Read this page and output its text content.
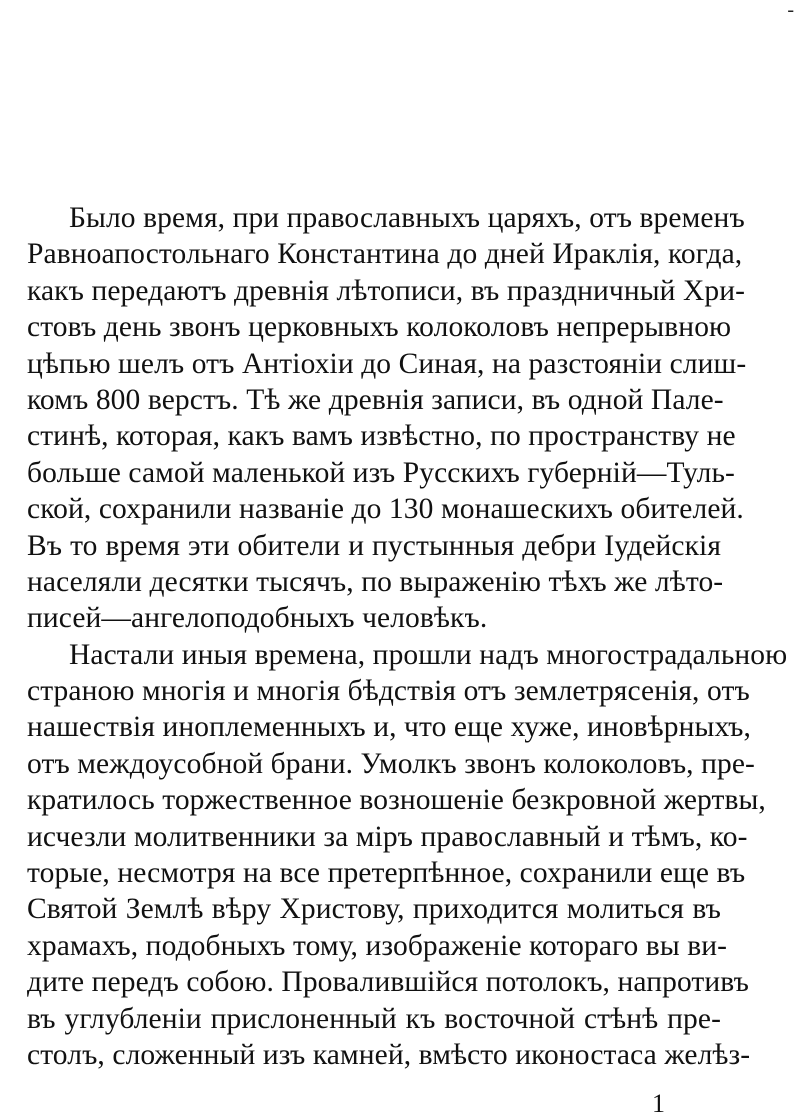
-
Было время, при православныхъ царяхъ, отъ временъ
Равноапостольнаго Константина до дней Ираклія, когда,
какъ передаютъ древнія лѣтописи, въ праздничный Хри-
стовъ день звонъ церковныхъ колоколовъ непрерывною
цѣпью шелъ отъ Антіохіи до Синая, на разстояніи слиш-
комъ 800 верстъ. Тѣ же древнія записи, въ одной Пале-
стинѣ, которая, какъ вамъ извѣстно, по пространству не
больше самой маленькой изъ Русскихъ губерній—Туль-
ской, сохранили названіе до 130 монашескихъ обителей.
Въ то время эти обители и пустынныя дебри Іудейскія
населяли десятки тысячъ, по выраженію тѣхъ же лѣто-
писей—ангелоподобныхъ человѣкъ.
Настали иныя времена, прошли надъ многострадальною
страною многія и многія бѣдствія отъ землетрясенія, отъ
нашествія иноплеменныхъ и, что еще хуже, иновѣрныхъ,
отъ междоусобной брани. Умолкъ звонъ колоколовъ, пре-
кратилось торжественное возношеніе безкровной жертвы,
исчезли молитвенники за міръ православный и тѣмъ, ко-
торые, несмотря на все претерпѣнное, сохранили еще въ
Святой Землѣ вѣру Христову, приходится молиться въ
храмахъ, подобныхъ тому, изображеніе котораго вы ви-
дите передъ собою. Провалившійся потолокъ, напротивъ
въ углубленіи прислоненный къ восточной стѣнѣ пре-
столъ, сложенный изъ камней, вмѣсто иконостаса желѣз-
1
